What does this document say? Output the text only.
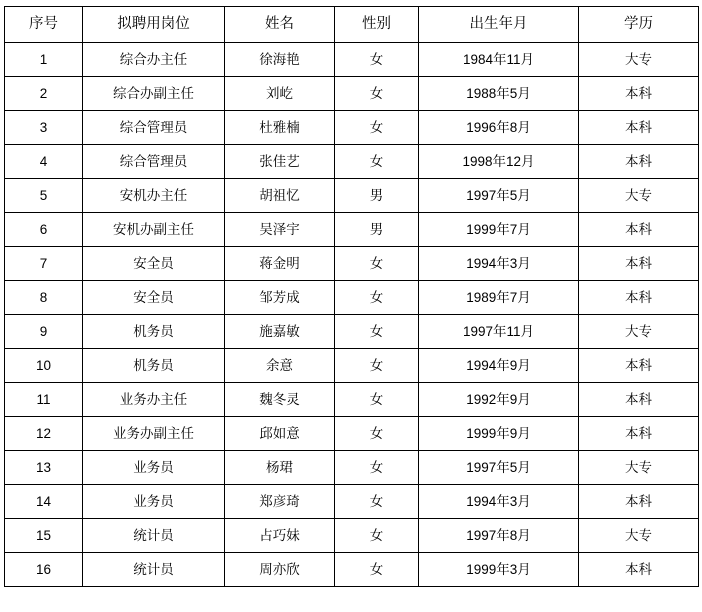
序号	拟聘用岗位	姓名	性别	出生年月	学历
1	综合办主任	徐海艳	女	1984年11月	大专
2	综合办副主任	刘屹	女	1988年5月	本科
3	综合管理员	杜雅楠	女	1996年8月	本科
4	综合管理员	张佳艺	女	1998年12月	本科
5	安机办主任	胡祖忆	男	1997年5月	大专
6	安机办副主任	吴泽宇	男	1999年7月	本科
7	安全员	蒋金明	女	1994年3月	本科
8	安全员	邹芳成	女	1989年7月	本科
9	机务员	施嘉敏	女	1997年11月	大专
10	机务员	余意	女	1994年9月	本科
11	业务办主任	魏冬灵	女	1992年9月	本科
12	业务办副主任	邱如意	女	1999年9月	本科
13	业务员	杨珺	女	1997年5月	大专
14	业务员	郑彦琦	女	1994年3月	本科
15	统计员	占巧妹	女	1997年8月	大专
16	统计员	周亦欣	女	1999年3月	本科
